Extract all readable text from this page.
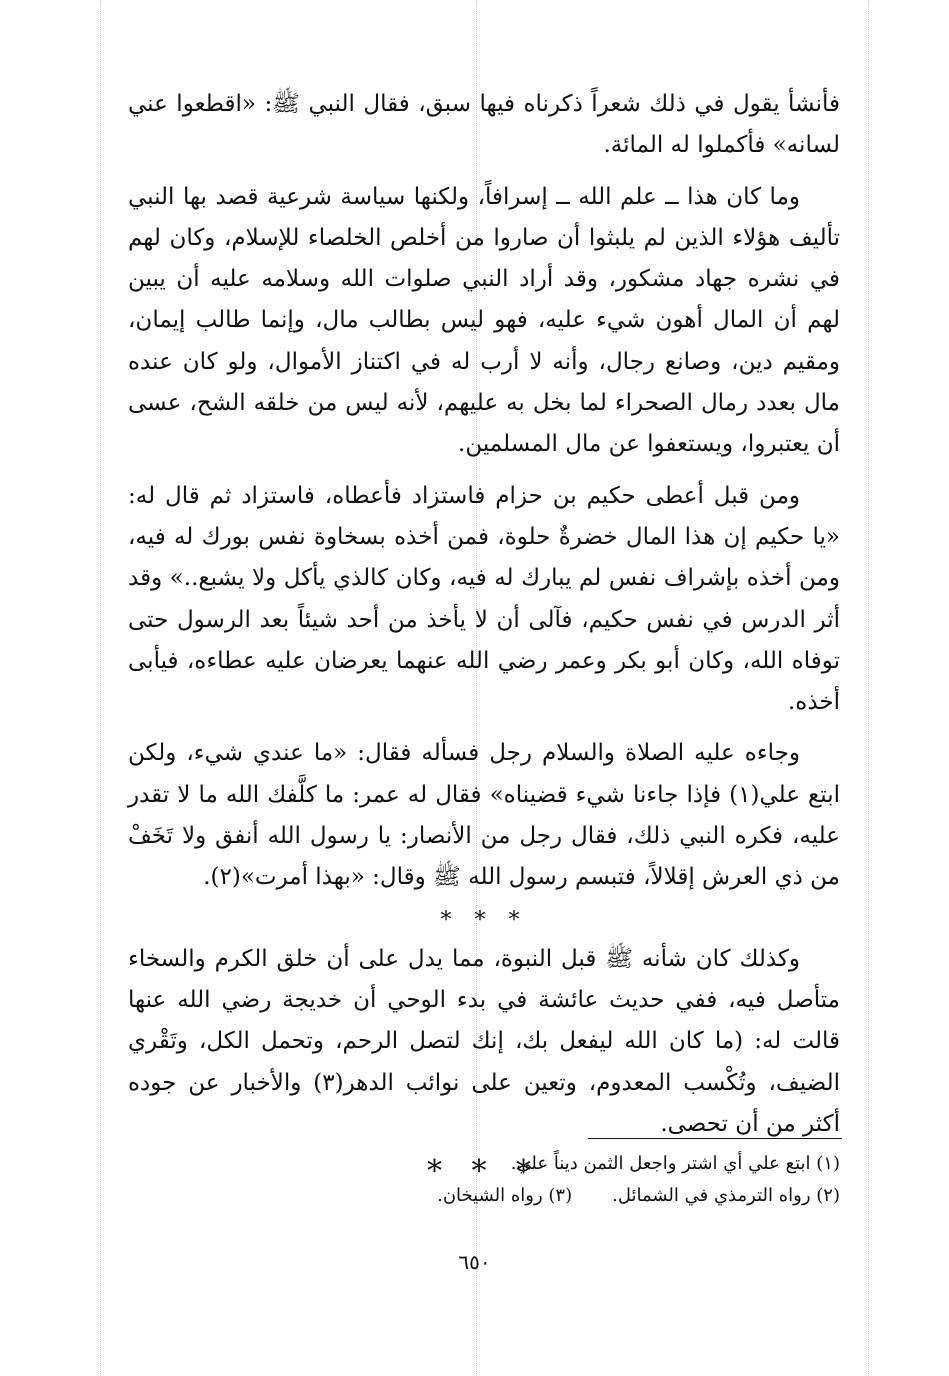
فأنشأ يقول في ذلك شعراً ذكرناه فيها سبق، فقال النبي ﷺ: «اقطعوا عني لسانه» فأكملوا له المائة.

وما كان هذا ــ علم الله ــ إسرافاً، ولكنها سياسة شرعية قصد بها النبي تأليف هؤلاء الذين لم يلبثوا أن صاروا من أخلص الخلصاء للإسلام، وكان لهم في نشره جهاد مشكور، وقد أراد النبي صلوات الله وسلامه عليه أن يبين لهم أن المال أهون شيء عليه، فهو ليس بطالب مال، وإنما طالب إيمان، ومقيم دين، وصانع رجال، وأنه لا أرب له في اكتناز الأموال، ولو كان عنده مال بعدد رمال الصحراء لما بخل به عليهم، لأنه ليس من خلقه الشح، عسى أن يعتبروا، ويستعفوا عن مال المسلمين.

ومن قبل أعطى حكيم بن حزام فاستزاد فأعطاه، فاستزاد ثم قال له: «يا حكيم إن هذا المال خضرةٌ حلوة، فمن أخذه بسخاوة نفس بورك له فيه، ومن أخذه بإشراف نفس لم يبارك له فيه، وكان كالذي يأكل ولا يشبع..» وقد أثر الدرس في نفس حكيم، فآلى أن لا يأخذ من أحد شيئاً بعد الرسول حتى توفاه الله، وكان أبو بكر وعمر رضي الله عنهما يعرضان عليه عطاءه، فيأبى أخذه.

وجاءه عليه الصلاة والسلام رجل فسأله فقال: «ما عندي شيء، ولكن ابتع علي(١) فإذا جاءنا شيء قضيناه» فقال له عمر: ما كلَّفك الله ما لا تقدر عليه، فكره النبي ذلك، فقال رجل من الأنصار: يا رسول الله أنفق ولا تَخَفْ من ذي العرش إقلالاً، فتبسم رسول الله ﷺ وقال: «بهذا أمرت»(٢).

* * *

وكذلك كان شأنه ﷺ قبل النبوة، مما يدل على أن خلق الكرم والسخاء متأصل فيه، ففي حديث عائشة في بدء الوحي أن خديجة رضي الله عنها قالت له: (ما كان الله ليفعل بك، إنك لتصل الرحم، وتحمل الكل، وتَقْري الضيف، وتُكْسب المعدوم، وتعين على نوائب الدهر(٣) والأخبار عن جوده أكثر من أن تحصى.

* * *
(١) ابتع علي أي اشتر واجعل الثمن ديناً علي.
(٢) رواه الترمذي في الشمائل.(٣) رواه الشيخان.
٦٥٠
